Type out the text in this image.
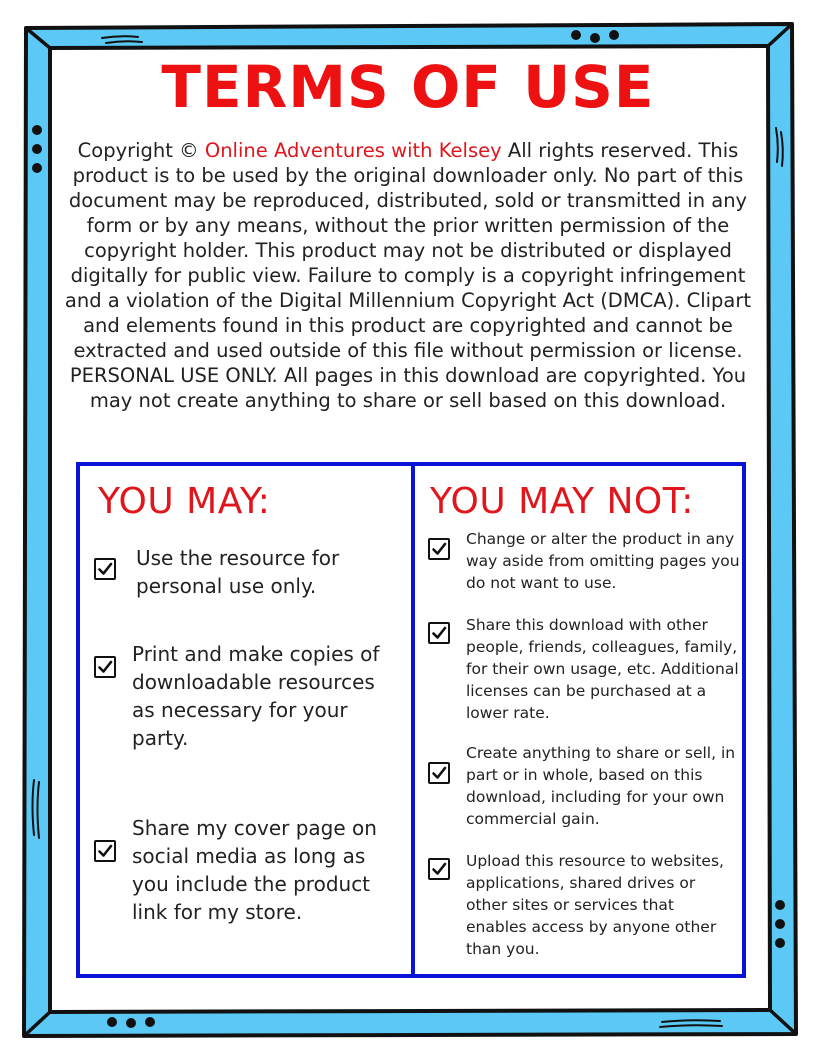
TERMS OF USE
Copyright © Online Adventures with Kelsey All rights reserved. This product is to be used by the original downloader only. No part of this document may be reproduced, distributed, sold or transmitted in any form or by any means, without the prior written permission of the copyright holder. This product may not be distributed or displayed digitally for public view. Failure to comply is a copyright infringement and a violation of the Digital Millennium Copyright Act (DMCA). Clipart and elements found in this product are copyrighted and cannot be extracted and used outside of this file without permission or license. PERSONAL USE ONLY. All pages in this download are copyrighted. You may not create anything to share or sell based on this download.
YOU MAY:
Use the resource for personal use only.
Print and make copies of downloadable resources as necessary for your party.
Share my cover page on social media as long as you include the product link for my store.
YOU MAY NOT:
Change or alter the product in any way aside from omitting pages you do not want to use.
Share this download with other people, friends, colleagues, family, for their own usage, etc. Additional licenses can be purchased at a lower rate.
Create anything to share or sell, in part or in whole, based on this download, including for your own commercial gain.
Upload this resource to websites, applications, shared drives or other sites or services that enables access by anyone other than you.
